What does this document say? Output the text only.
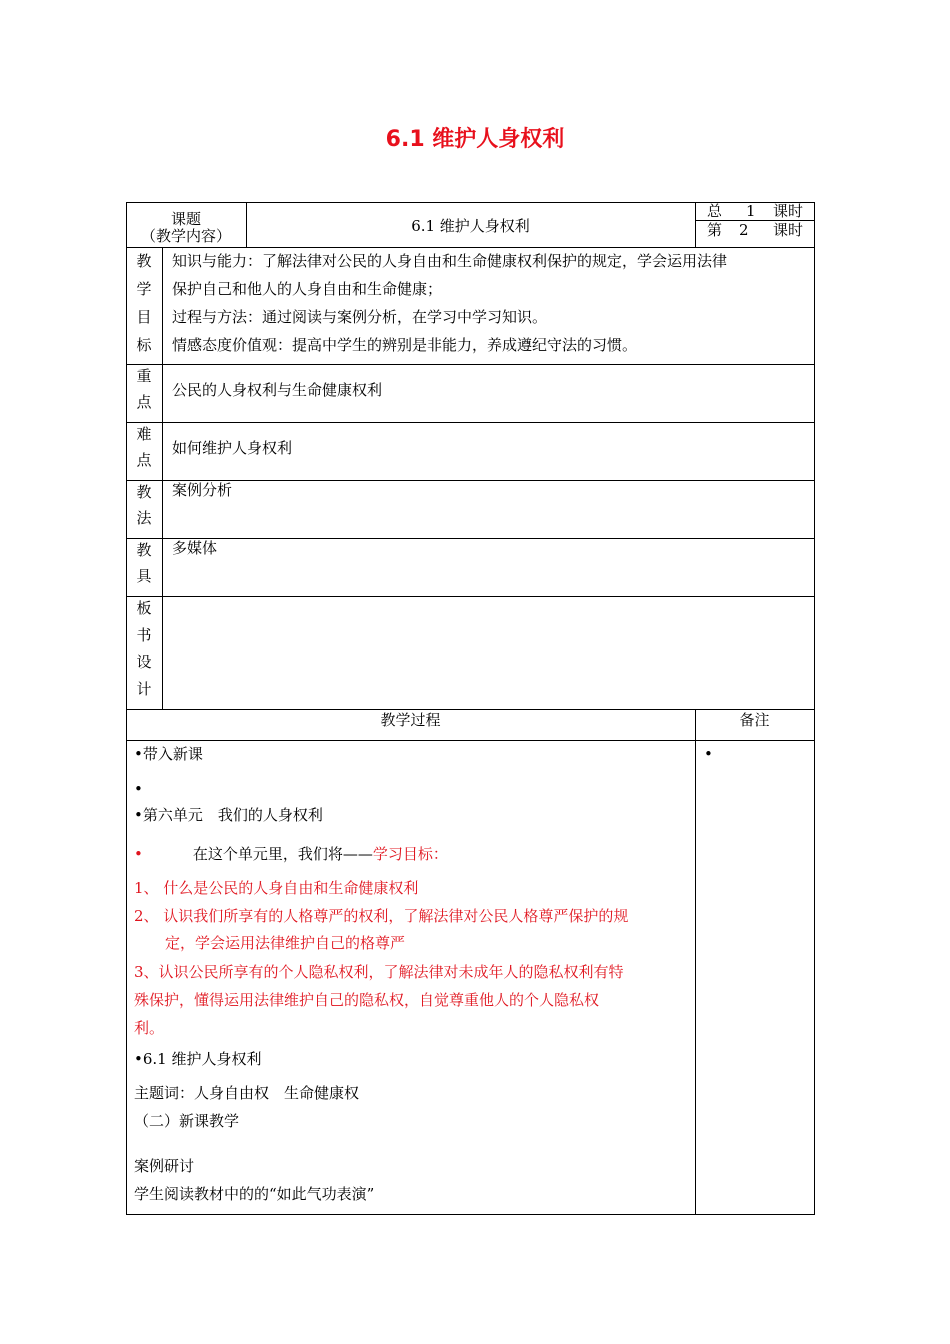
6.1 维护人身权利
课题
（教学内容）
6.1 维护人身权利
总 1 课时
第 2 课时
教
学
目
标
知识与能力：了解法律对公民的人身自由和生命健康权利保护的规定，学会运用法律
保护自己和他人的人身自由和生命健康；
过程与方法：通过阅读与案例分析，在学习中学习知识。
情感态度价值观：提高中学生的辨别是非能力，养成遵纪守法的习惯。
重
点
公民的人身权利与生命健康权利
难
点
如何维护人身权利
教
法
案例分析
教
具
多媒体
板
书
设
计
教学过程	备注
•带入新课
•
•第六单元　我们的人身权利
•	在这个单元里，我们将——学习目标：
1、 什么是公民的人身自由和生命健康权利
2、 认识我们所享有的人格尊严的权利，了解法律对公民人格尊严保护的规
定，学会运用法律维护自己的格尊严
3、认识公民所享有的个人隐私权利，了解法律对未成年人的隐私权利有特
殊保护，懂得运用法律维护自己的隐私权，自觉尊重他人的个人隐私权
利。
•6.1 维护人身权利
主题词：人身自由权　生命健康权
（二）新课教学
案例研讨
学生阅读教材中的的“如此气功表演”
•
